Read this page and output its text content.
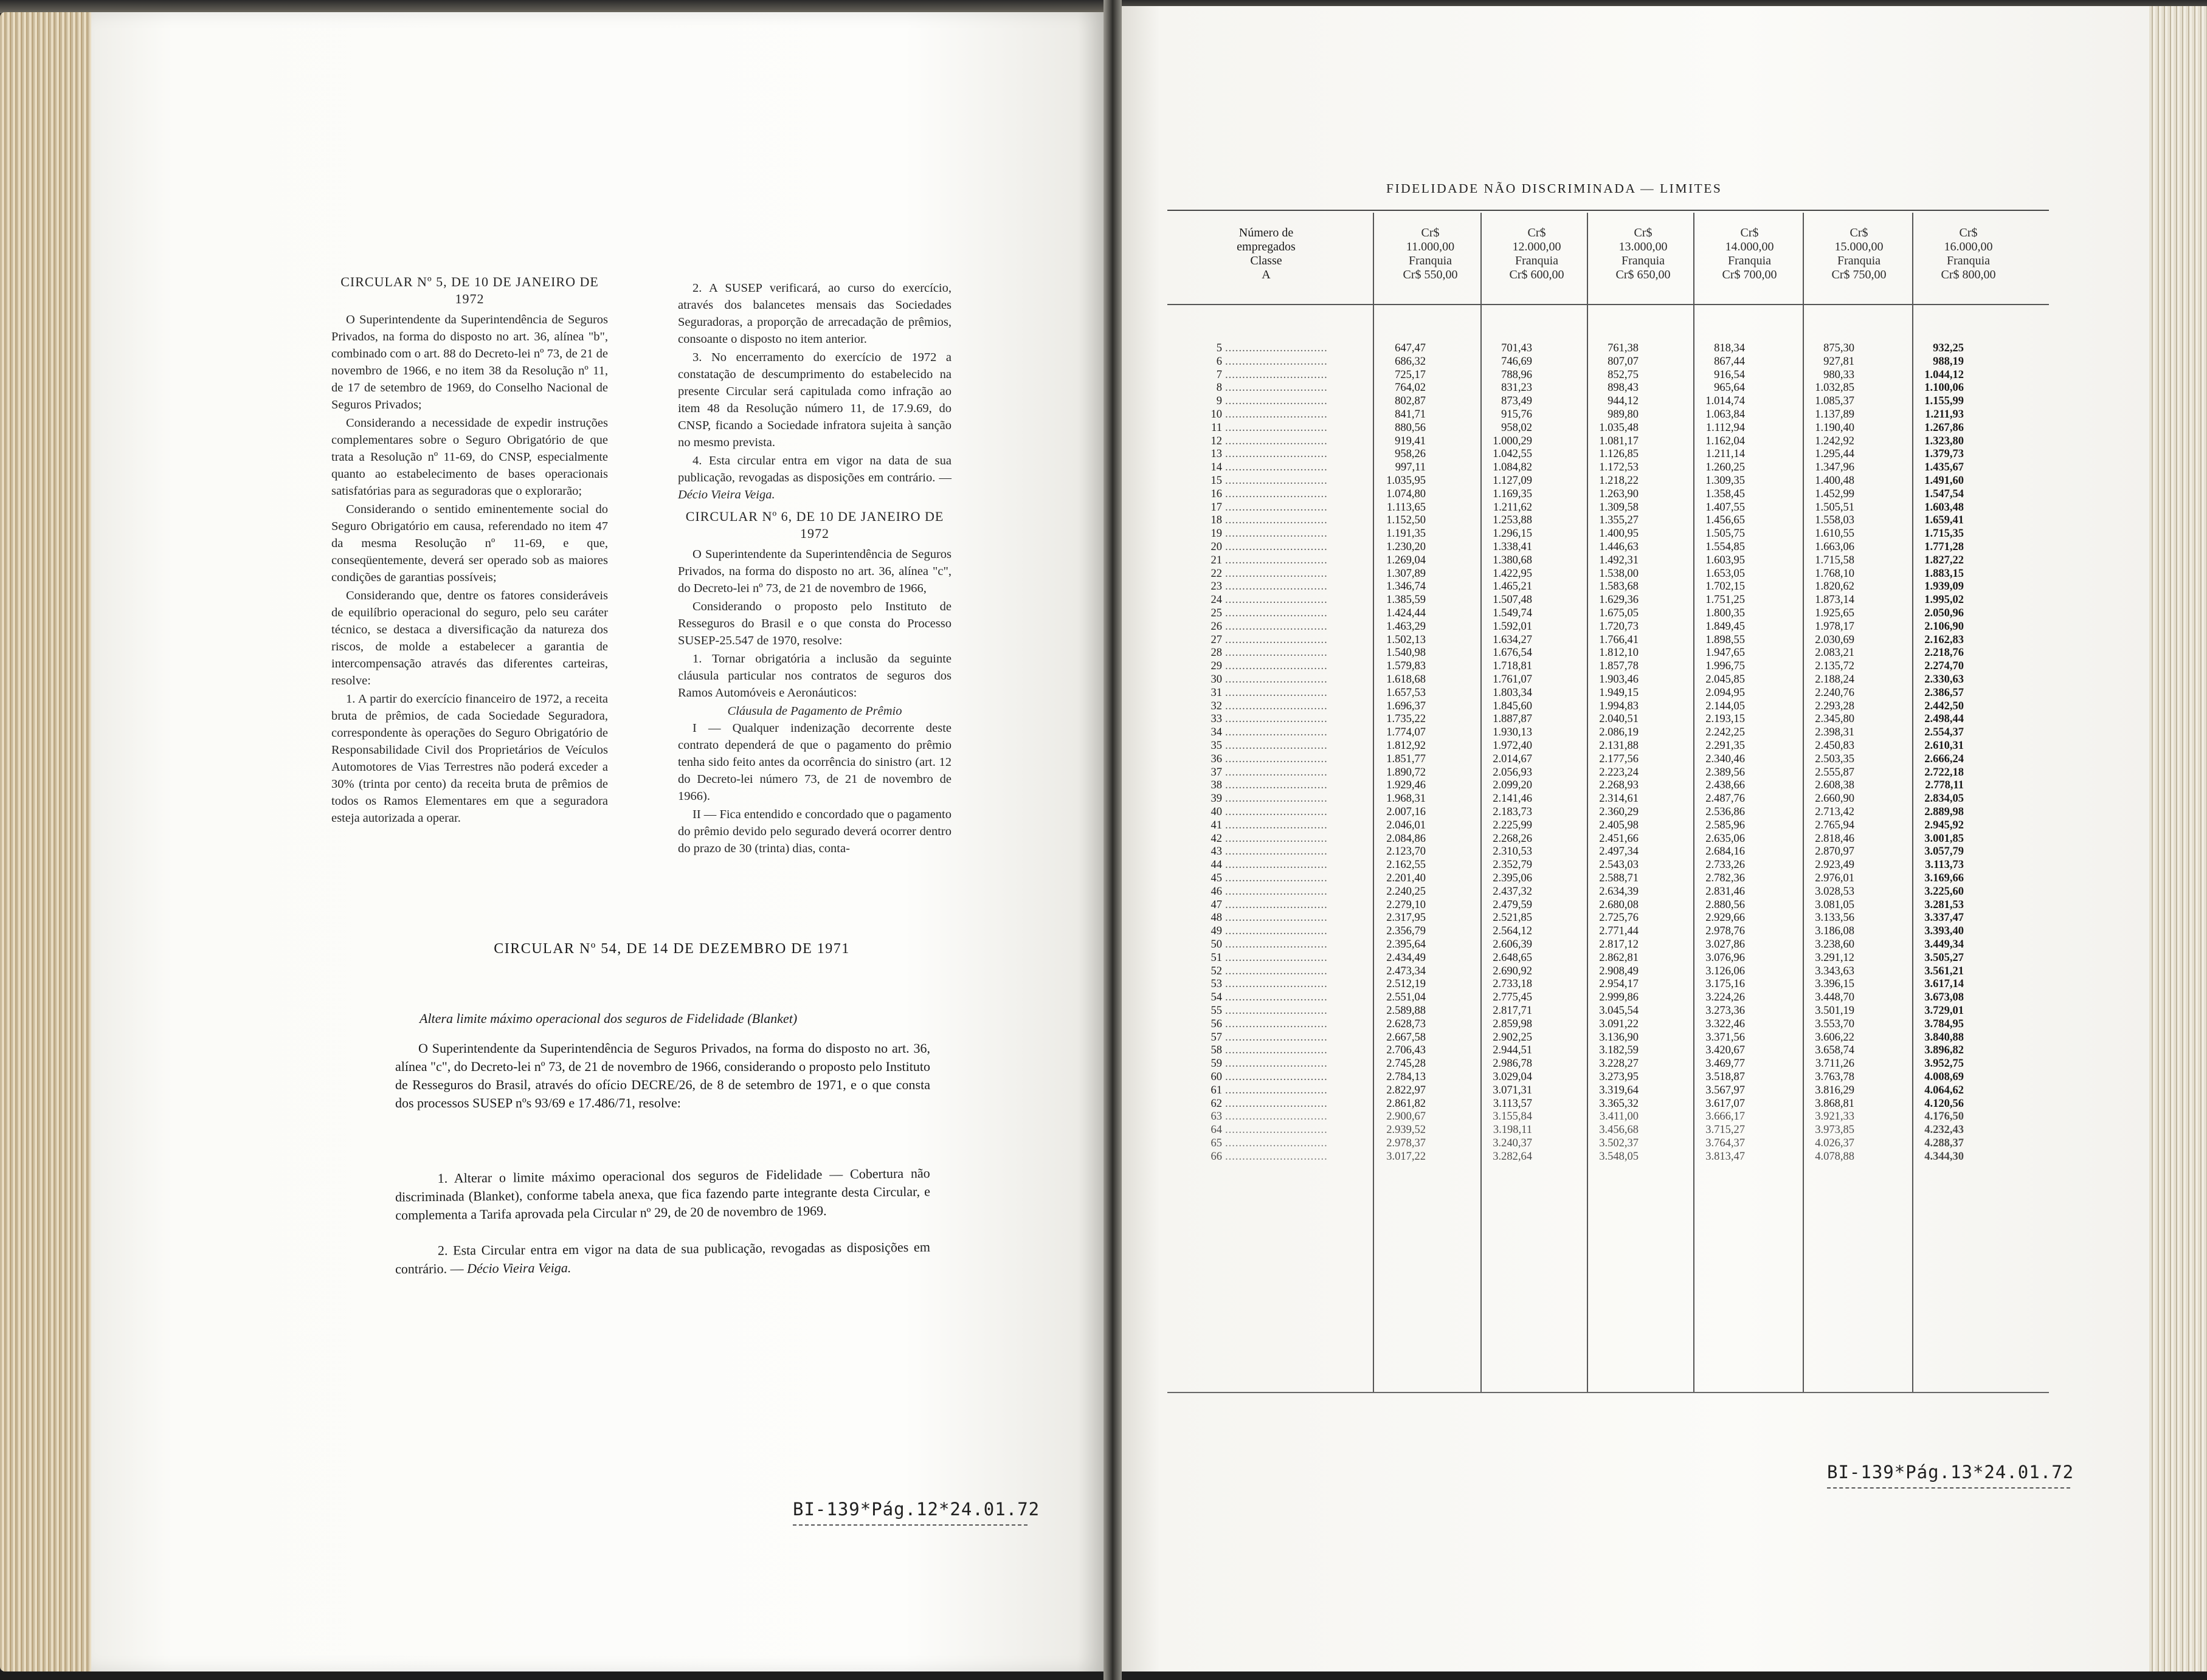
CIRCULAR Nº 5, DE 10 DE JANEIRO DE 1972

O Superintendente da Superintendência de Seguros Privados, na forma do disposto no art. 36, alínea "b", combinado com o art. 88 do Decreto-lei nº 73, de 21 de novembro de 1966, e no item 38 da Resolução nº 11, de 17 de setembro de 1969, do Conselho Nacional de Seguros Privados;

Considerando a necessidade de expedir instruções complementares sobre o Seguro Obrigatório de que trata a Resolução nº 11-69, do CNSP, especialmente quanto ao estabelecimento de bases operacionais satisfatórias para as seguradoras que o explorarão;

Considerando o sentido eminentemente social do Seguro Obrigatório em causa, referendado no item 47 da mesma Resolução nº 11-69, e que, conseqüentemente, deverá ser operado sob as maiores condições de garantias possíveis;

Considerando que, dentre os fatores consideráveis de equilíbrio operacional do seguro, pelo seu caráter técnico, se destaca a diversificação da natureza dos riscos, de molde a estabelecer a garantia de intercompensação através das diferentes carteiras, resolve:

1. A partir do exercício financeiro de 1972, a receita bruta de prêmios, de cada Sociedade Seguradora, correspondente às operações do Seguro Obrigatório de Responsabilidade Civil dos Proprietários de Veículos Automotores de Vias Terrestres não poderá exceder a 30% (trinta por cento) da receita bruta de prêmios de todos os Ramos Elementares em que a seguradora esteja autorizada a operar.

2. A SUSEP verificará, ao curso do exercício, através dos balancetes mensais das Sociedades Seguradoras, a proporção de arrecadação de prêmios, consoante o disposto no item anterior.

3. No encerramento do exercício de 1972 a constatação de descumprimento do estabelecido na presente Circular será capitulada como infração ao item 48 da Resolução número 11, de 17.9.69, do CNSP, ficando a Sociedade infratora sujeita à sanção no mesmo prevista.

4. Esta circular entra em vigor na data de sua publicação, revogadas as disposições em contrário. — Décio Vieira Veiga.

CIRCULAR Nº 6, DE 10 DE JANEIRO DE 1972

O Superintendente da Superintendência de Seguros Privados, na forma do disposto no art. 36, alínea "c", do Decreto-lei nº 73, de 21 de novembro de 1966,

Considerando o proposto pelo Instituto de Resseguros do Brasil e o que consta do Processo SUSEP-25.547 de 1970, resolve:

1. Tornar obrigatória a inclusão da seguinte cláusula particular nos contratos de seguros dos Ramos Automóveis e Aeronáuticos:

Cláusula de Pagamento de Prêmio

I — Qualquer indenização decorrente deste contrato dependerá de que o pagamento do prêmio tenha sido feito antes da ocorrência do sinistro (art. 12 do Decreto-lei número 73, de 21 de novembro de 1966).

II — Fica entendido e concordado que o pagamento do prêmio devido pelo segurado deverá ocorrer dentro do prazo de 30 (trinta) dias, conta-

CIRCULAR Nº 54, DE 14 DE DEZEMBRO DE 1971
Altera limite máximo operacional dos seguros de Fidelidade (Blanket)
O Superintendente da Superintendência de Seguros Privados, na forma do disposto no art. 36, alínea "c", do Decreto-lei nº 73, de 21 de novembro de 1966, considerando o proposto pelo Instituto de Resseguros do Brasil, através do ofício DECRE/26, de 8 de setembro de 1971, e o que consta dos processos SUSEP nºs 93/69 e 17.486/71, resolve:
1. Alterar o limite máximo operacional dos seguros de Fidelidade — Cobertura não discriminada (Blanket), conforme tabela anexa, que fica fazendo parte integrante desta Circular, e complementa a Tarifa aprovada pela Circular nº 29, de 20 de novembro de 1969.
2. Esta Circular entra em vigor na data de sua publicação, revogadas as disposições em contrário. — Décio Vieira Veiga.
BI-139*Pág.12*24.01.72
FIDELIDADE NÃO DISCRIMINADA — LIMITES
Número de
empregados
Classe
A
Cr$
11.000,00
Franquia
Cr$ 550,00
Cr$
12.000,00
Franquia
Cr$ 600,00
Cr$
13.000,00
Franquia
Cr$ 650,00
Cr$
14.000,00
Franquia
Cr$ 700,00
Cr$
15.000,00
Franquia
Cr$ 750,00
Cr$
16.000,00
Franquia
Cr$ 800,00
5 ..............................	647,47	701,43	761,38	818,34	875,30	932,25
6 ..............................	686,32	746,69	807,07	867,44	927,81	988,19
7 ..............................	725,17	788,96	852,75	916,54	980,33	1.044,12
8 ..............................	764,02	831,23	898,43	965,64	1.032,85	1.100,06
9 ..............................	802,87	873,49	944,12	1.014,74	1.085,37	1.155,99
10 ..............................	841,71	915,76	989,80	1.063,84	1.137,89	1.211,93
11 ..............................	880,56	958,02	1.035,48	1.112,94	1.190,40	1.267,86
12 ..............................	919,41	1.000,29	1.081,17	1.162,04	1.242,92	1.323,80
13 ..............................	958,26	1.042,55	1.126,85	1.211,14	1.295,44	1.379,73
14 ..............................	997,11	1.084,82	1.172,53	1.260,25	1.347,96	1.435,67
15 ..............................	1.035,95	1.127,09	1.218,22	1.309,35	1.400,48	1.491,60
16 ..............................	1.074,80	1.169,35	1.263,90	1.358,45	1.452,99	1.547,54
17 ..............................	1.113,65	1.211,62	1.309,58	1.407,55	1.505,51	1.603,48
18 ..............................	1.152,50	1.253,88	1.355,27	1.456,65	1.558,03	1.659,41
19 ..............................	1.191,35	1.296,15	1.400,95	1.505,75	1.610,55	1.715,35
20 ..............................	1.230,20	1.338,41	1.446,63	1.554,85	1.663,06	1.771,28
21 ..............................	1.269,04	1.380,68	1.492,31	1.603,95	1.715,58	1.827,22
22 ..............................	1.307,89	1.422,95	1.538,00	1.653,05	1.768,10	1.883,15
23 ..............................	1.346,74	1.465,21	1.583,68	1.702,15	1.820,62	1.939,09
24 ..............................	1.385,59	1.507,48	1.629,36	1.751,25	1.873,14	1.995,02
25 ..............................	1.424,44	1.549,74	1.675,05	1.800,35	1.925,65	2.050,96
26 ..............................	1.463,29	1.592,01	1.720,73	1.849,45	1.978,17	2.106,90
27 ..............................	1.502,13	1.634,27	1.766,41	1.898,55	2.030,69	2.162,83
28 ..............................	1.540,98	1.676,54	1.812,10	1.947,65	2.083,21	2.218,76
29 ..............................	1.579,83	1.718,81	1.857,78	1.996,75	2.135,72	2.274,70
30 ..............................	1.618,68	1.761,07	1.903,46	2.045,85	2.188,24	2.330,63
31 ..............................	1.657,53	1.803,34	1.949,15	2.094,95	2.240,76	2.386,57
32 ..............................	1.696,37	1.845,60	1.994,83	2.144,05	2.293,28	2.442,50
33 ..............................	1.735,22	1.887,87	2.040,51	2.193,15	2.345,80	2.498,44
34 ..............................	1.774,07	1.930,13	2.086,19	2.242,25	2.398,31	2.554,37
35 ..............................	1.812,92	1.972,40	2.131,88	2.291,35	2.450,83	2.610,31
36 ..............................	1.851,77	2.014,67	2.177,56	2.340,46	2.503,35	2.666,24
37 ..............................	1.890,72	2.056,93	2.223,24	2.389,56	2.555,87	2.722,18
38 ..............................	1.929,46	2.099,20	2.268,93	2.438,66	2.608,38	2.778,11
39 ..............................	1.968,31	2.141,46	2.314,61	2.487,76	2.660,90	2.834,05
40 ..............................	2.007,16	2.183,73	2.360,29	2.536,86	2.713,42	2.889,98
41 ..............................	2.046,01	2.225,99	2.405,98	2.585,96	2.765,94	2.945,92
42 ..............................	2.084,86	2.268,26	2.451,66	2.635,06	2.818,46	3.001,85
43 ..............................	2.123,70	2.310,53	2.497,34	2.684,16	2.870,97	3.057,79
44 ..............................	2.162,55	2.352,79	2.543,03	2.733,26	2.923,49	3.113,73
45 ..............................	2.201,40	2.395,06	2.588,71	2.782,36	2.976,01	3.169,66
46 ..............................	2.240,25	2.437,32	2.634,39	2.831,46	3.028,53	3.225,60
47 ..............................	2.279,10	2.479,59	2.680,08	2.880,56	3.081,05	3.281,53
48 ..............................	2.317,95	2.521,85	2.725,76	2.929,66	3.133,56	3.337,47
49 ..............................	2.356,79	2.564,12	2.771,44	2.978,76	3.186,08	3.393,40
50 ..............................	2.395,64	2.606,39	2.817,12	3.027,86	3.238,60	3.449,34
51 ..............................	2.434,49	2.648,65	2.862,81	3.076,96	3.291,12	3.505,27
52 ..............................	2.473,34	2.690,92	2.908,49	3.126,06	3.343,63	3.561,21
53 ..............................	2.512,19	2.733,18	2.954,17	3.175,16	3.396,15	3.617,14
54 ..............................	2.551,04	2.775,45	2.999,86	3.224,26	3.448,70	3.673,08
55 ..............................	2.589,88	2.817,71	3.045,54	3.273,36	3.501,19	3.729,01
56 ..............................	2.628,73	2.859,98	3.091,22	3.322,46	3.553,70	3.784,95
57 ..............................	2.667,58	2.902,25	3.136,90	3.371,56	3.606,22	3.840,88
58 ..............................	2.706,43	2.944,51	3.182,59	3.420,67	3.658,74	3.896,82
59 ..............................	2.745,28	2.986,78	3.228,27	3.469,77	3.711,26	3.952,75
60 ..............................	2.784,13	3.029,04	3.273,95	3.518,87	3.763,78	4.008,69
61 ..............................	2.822,97	3.071,31	3.319,64	3.567,97	3.816,29	4.064,62
62 ..............................	2.861,82	3.113,57	3.365,32	3.617,07	3.868,81	4.120,56
63 ..............................	2.900,67	3.155,84	3.411,00	3.666,17	3.921,33	4.176,50
64 ..............................	2.939,52	3.198,11	3.456,68	3.715,27	3.973,85	4.232,43
65 ..............................	2.978,37	3.240,37	3.502,37	3.764,37	4.026,37	4.288,37
66 ..............................	3.017,22	3.282,64	3.548,05	3.813,47	4.078,88	4.344,30
BI-139*Pág.13*24.01.72
